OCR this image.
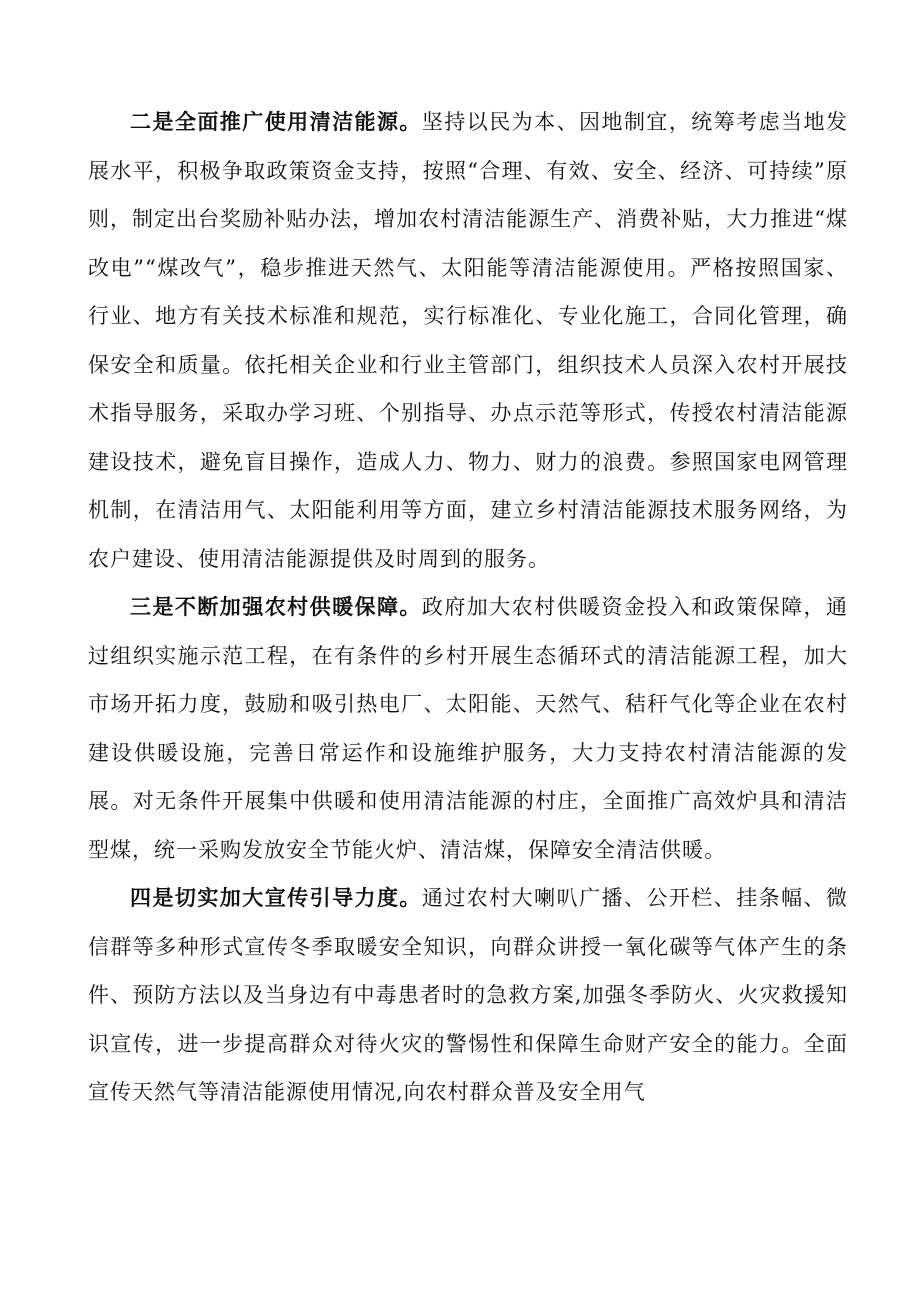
二是全面推广使用清洁能源。坚持以民为本、因地制宜，统筹考虑当地发展水平，积极争取政策资金支持，按照“合理、有效、安全、经济、可持续”原则，制定出台奖励补贴办法，增加农村清洁能源生产、消费补贴，大力推进“煤改电”“煤改气”，稳步推进天然气、太阳能等清洁能源使用。严格按照国家、行业、地方有关技术标准和规范，实行标准化、专业化施工，合同化管理，确保安全和质量。依托相关企业和行业主管部门，组织技术人员深入农村开展技术指导服务，采取办学习班、个别指导、办点示范等形式，传授农村清洁能源建设技术，避免盲目操作，造成人力、物力、财力的浪费。参照国家电网管理机制，在清洁用气、太阳能利用等方面，建立乡村清洁能源技术服务网络，为农户建设、使用清洁能源提供及时周到的服务。

三是不断加强农村供暖保障。政府加大农村供暖资金投入和政策保障，通过组织实施示范工程，在有条件的乡村开展生态循环式的清洁能源工程，加大市场开拓力度，鼓励和吸引热电厂、太阳能、天然气、秸秆气化等企业在农村建设供暖设施，完善日常运作和设施维护服务，大力支持农村清洁能源的发展。对无条件开展集中供暖和使用清洁能源的村庄，全面推广高效炉具和清洁型煤，统一采购发放安全节能火炉、清洁煤，保障安全清洁供暖。

四是切实加大宣传引导力度。通过农村大喇叭广播、公开栏、挂条幅、微信群等多种形式宣传冬季取暖安全知识，向群众讲授一氧化碳等气体产生的条件、预防方法以及当身边有中毒患者时的急救方案,加强冬季防火、火灾救援知识宣传，进一步提高群众对待火灾的警惕性和保障生命财产安全的能力。全面宣传天然气等清洁能源使用情况,向农村群众普及安全用气
